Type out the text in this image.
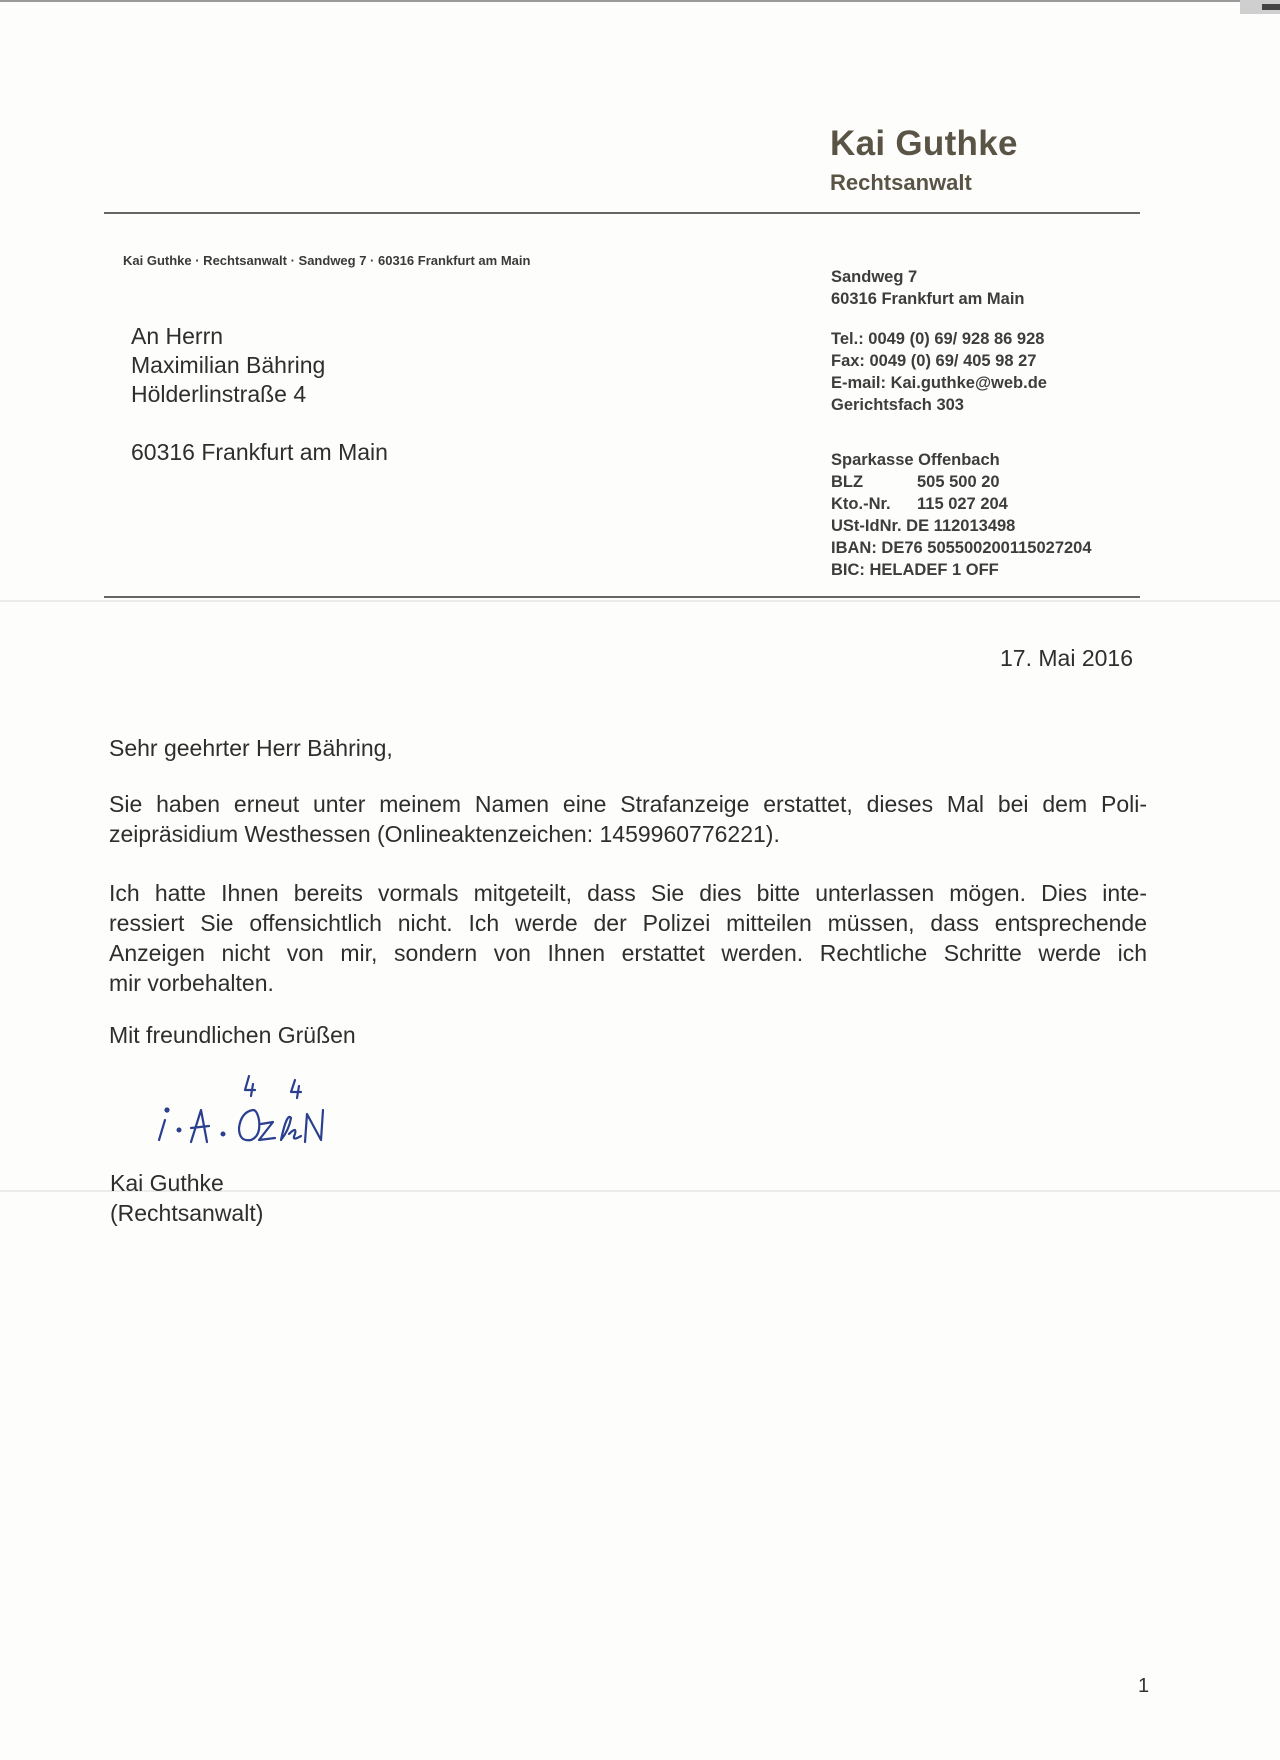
Kai Guthke
Rechtsanwalt
Kai Guthke · Rechtsanwalt · Sandweg 7 · 60316 Frankfurt am Main
An Herrn
Maximilian Bähring
Hölderlinstraße 4
60316 Frankfurt am Main
Sandweg 7
60316 Frankfurt am Main
Tel.: 0049 (0) 69/ 928 86 928
Fax: 0049 (0) 69/ 405 98 27
E-mail: Kai.guthke@web.de
Gerichtsfach 303
Sparkasse Offenbach
BLZ	505 500 20
Kto.-Nr. 115 027 204
USt-IdNr. DE 112013498
IBAN: DE76 505500200115027204
BIC: HELADEF 1 OFF
17. Mai 2016
Sehr geehrter Herr Bähring,
Sie haben erneut unter meinem Namen eine Strafanzeige erstattet, dieses Mal bei dem Poli-
zeipräsidium Westhessen (Onlineaktenzeichen: 1459960776221).
Ich hatte Ihnen bereits vormals mitgeteilt, dass Sie dies bitte unterlassen mögen. Dies inte-
ressiert Sie offensichtlich nicht. Ich werde der Polizei mitteilen müssen, dass entsprechende
Anzeigen nicht von mir, sondern von Ihnen erstattet werden. Rechtliche Schritte werde ich
mir vorbehalten.
Mit freundlichen Grüßen
Kai Guthke
(Rechtsanwalt)
1
